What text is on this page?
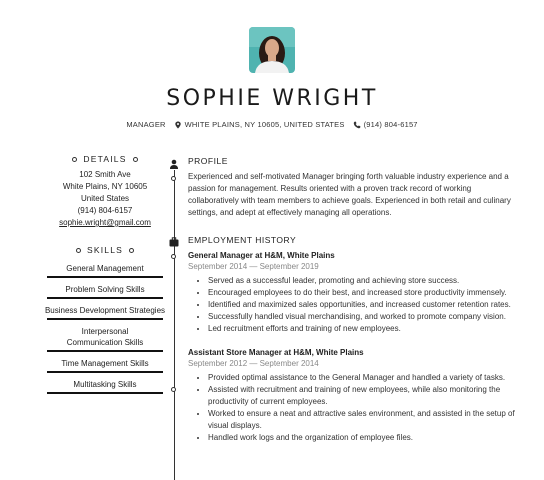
SOPHIE WRIGHT
MANAGER	WHITE PLAINS, NY 10605, UNITED STATES	(914) 804-6157
DETAILS
102 Smith Ave
White Plains, NY 10605
United States
(914) 804-6157
sophie.wright@gmail.com
SKILLS
General Management
Problem Solving Skills
Business Development Strategies
Interpersonal Communication Skills
Time Management Skills
Multitasking Skills
PROFILE
Experienced and self-motivated Manager bringing forth valuable industry experience and a passion for management. Results oriented with a proven track record of working collaboratively with team members to achieve goals. Experienced in both retail and culinary settings, and adept at effectively managing all operations.
EMPLOYMENT HISTORY
General Manager at H&M, White Plains
September 2014 — September 2019
• Served as a successful leader, promoting and achieving store success.
• Encouraged employees to do their best, and increased store productivity immensely.
• Identified and maximized sales opportunities, and increased customer retention rates.
• Successfully handled visual merchandising, and worked to promote company vision.
• Led recruitment efforts and training of new employees.
Assistant Store Manager at H&M, White Plains
September 2012 — September 2014
• Provided optimal assistance to the General Manager and handled a variety of tasks.
• Assisted with recruitment and training of new employees, while also monitoring the productivity of current employees.
• Worked to ensure a neat and attractive sales environment, and assisted in the setup of visual displays.
• Handled work logs and the organization of employee files.
